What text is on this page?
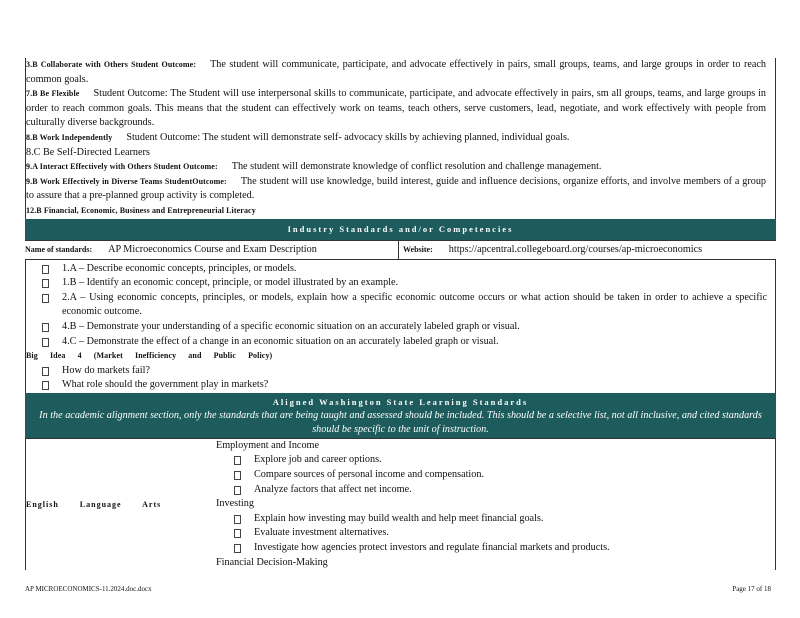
3.B Collaborate with Others Student Outcome: The student will communicate, participate, and advocate effectively in pairs, small groups, teams, and large groups in order to reach common goals.

7.B Be Flexible Student Outcome: The Student will use interpersonal skills to communicate, participate, and advocate effectively in pairs, sm all groups, teams, and large groups in order to reach common goals. This means that the student can effectively work on teams, teach others, serve customers, lead, negotiate, and work effectively with people from culturally diverse backgrounds.

8.B Work Independently Student Outcome: The student will demonstrate self- advocacy skills by achieving planned, individual goals.

8.C Be Self-Directed Learners

9.A Interact Effectively with Others Student Outcome: The student will demonstrate knowledge of conflict resolution and challenge management.

9.B Work Effectively in Diverse Teams StudentOutcome: The student will use knowledge, build interest, guide and influence decisions, organize efforts, and involve members of a group to assure that a pre-planned group activity is completed.

12.B Financial, Economic, Business and Entrepreneurial Literacy

Industry Standards and/or Competencies
Name of standards: AP Microeconomics Course and Exam Description	Website: https://apcentral.collegeboard.org/courses/ap-microeconomics
1.A – Describe economic concepts, principles, or models.
1.B – Identify an economic concept, principle, or model illustrated by an example.
2.A – Using economic concepts, principles, or models, explain how a specific economic outcome occurs or what action should be taken in order to achieve a specific economic outcome.
4.B – Demonstrate your understanding of a specific economic situation on an accurately labeled graph or visual.
4.C – Demonstrate the effect of a change in an economic situation on an accurately labeled graph or visual.

Big Idea 4 (Market Inefficiency and Public Policy)

How do markets fail?
What role should the government play in markets?
Aligned Washington State Learning Standards
In the academic alignment section, only the standards that are being taught and assessed should be included. This should be a selective list, not all inclusive, and cited standards should be specific to the unit of instruction.
English Language Arts
Employment and Income
Explore job and career options.
Compare sources of personal income and compensation.
Analyze factors that affect net income.
Investing
Explain how investing may build wealth and help meet financial goals.
Evaluate investment alternatives.
Investigate how agencies protect investors and regulate financial markets and products.
Financial Decision-Making
AP MICROECONOMICS-11.2024.doc.docx	Page 17 of 18
